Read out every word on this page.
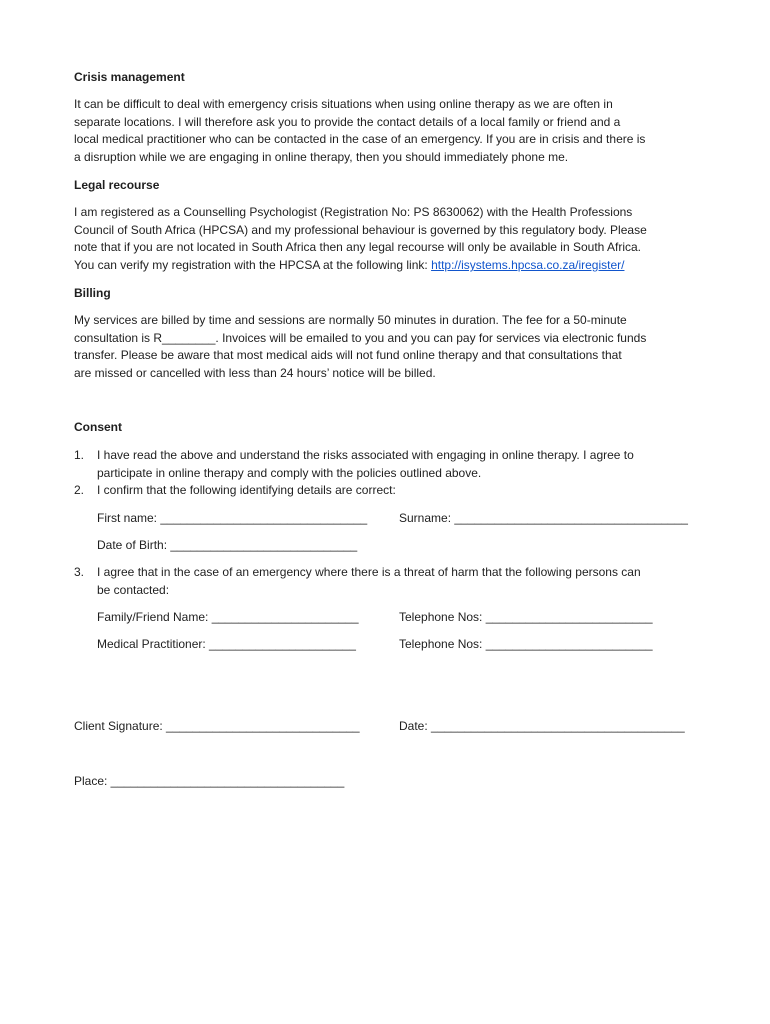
Crisis management
It can be difficult to deal with emergency crisis situations when using online therapy as we are often in
separate locations. I will therefore ask you to provide the contact details of a local family or friend and a
local medical practitioner who can be contacted in the case of an emergency. If you are in crisis and there is
a disruption while we are engaging in online therapy, then you should immediately phone me.
Legal recourse
I am registered as a Counselling Psychologist (Registration No: PS 8630062) with the Health Professions
Council of South Africa (HPCSA) and my professional behaviour is governed by this regulatory body. Please
note that if you are not located in South Africa then any legal recourse will only be available in South Africa.
You can verify my registration with the HPCSA at the following link: http://isystems.hpcsa.co.za/iregister/
Billing
My services are billed by time and sessions are normally 50 minutes in duration. The fee for a 50-minute
consultation is R________. Invoices will be emailed to you and you can pay for services via electronic funds
transfer. Please be aware that most medical aids will not fund online therapy and that consultations that
are missed or cancelled with less than 24 hours’ notice will be billed.
Consent
1. I have read the above and understand the risks associated with engaging in online therapy. I agree to
participate in online therapy and comply with the policies outlined above.
2. I confirm that the following identifying details are correct:
First name: _______________________________	Surname: ___________________________________
Date of Birth: ____________________________
3. I agree that in the case of an emergency where there is a threat of harm that the following persons can
be contacted:
Family/Friend Name: ______________________	Telephone Nos: _________________________
Medical Practitioner: ______________________	Telephone Nos: _________________________
Client Signature: _____________________________	Date: ______________________________________
Place: ___________________________________
